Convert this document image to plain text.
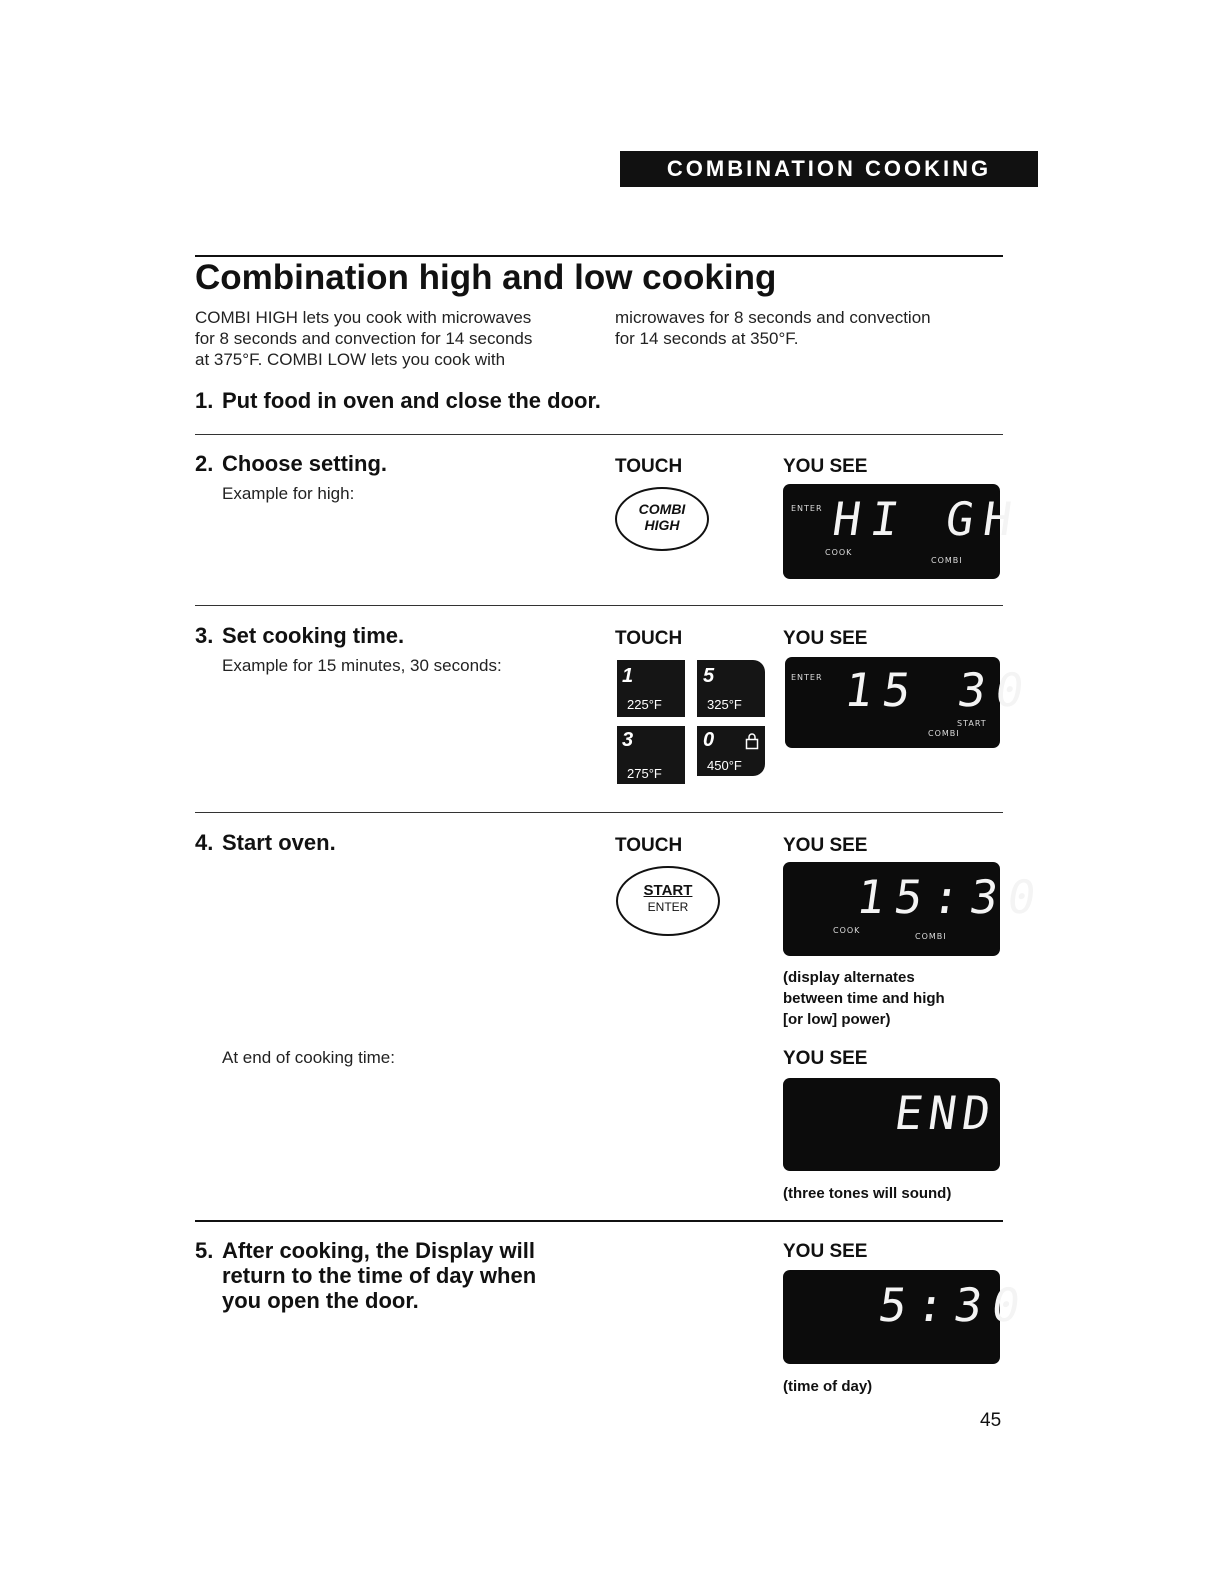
COMBINATION COOKING
Combination high and low cooking
COMBI HIGH lets you cook with microwaves
for 8 seconds and convection for 14 seconds
at 375°F. COMBI LOW lets you cook with
microwaves for 8 seconds and convection
for 14 seconds at 350°F.
1. Put food in oven and close the door.
2. Choose setting.
Example for high:
TOUCH	YOU SEE
COMBI
HIGH
ENTER HI GH
COOK
COMBI
3. Set cooking time.
Example for 15 minutes, 30 seconds:
TOUCH	YOU SEE
1
225°F
5
325°F
3
275°F
0
450°F
ENTER 15 30
START
COMBI
4. Start oven.	TOUCH	YOU SEE
START
ENTER	15:30
COOK
COMBI
(display alternates
between time and high
[or low] power)
At end of cooking time:	YOU SEE
END
(three tones will sound)
5. After cooking, the Display will
return to the time of day when
you open the door.
YOU SEE
5:30
(time of day)
45
